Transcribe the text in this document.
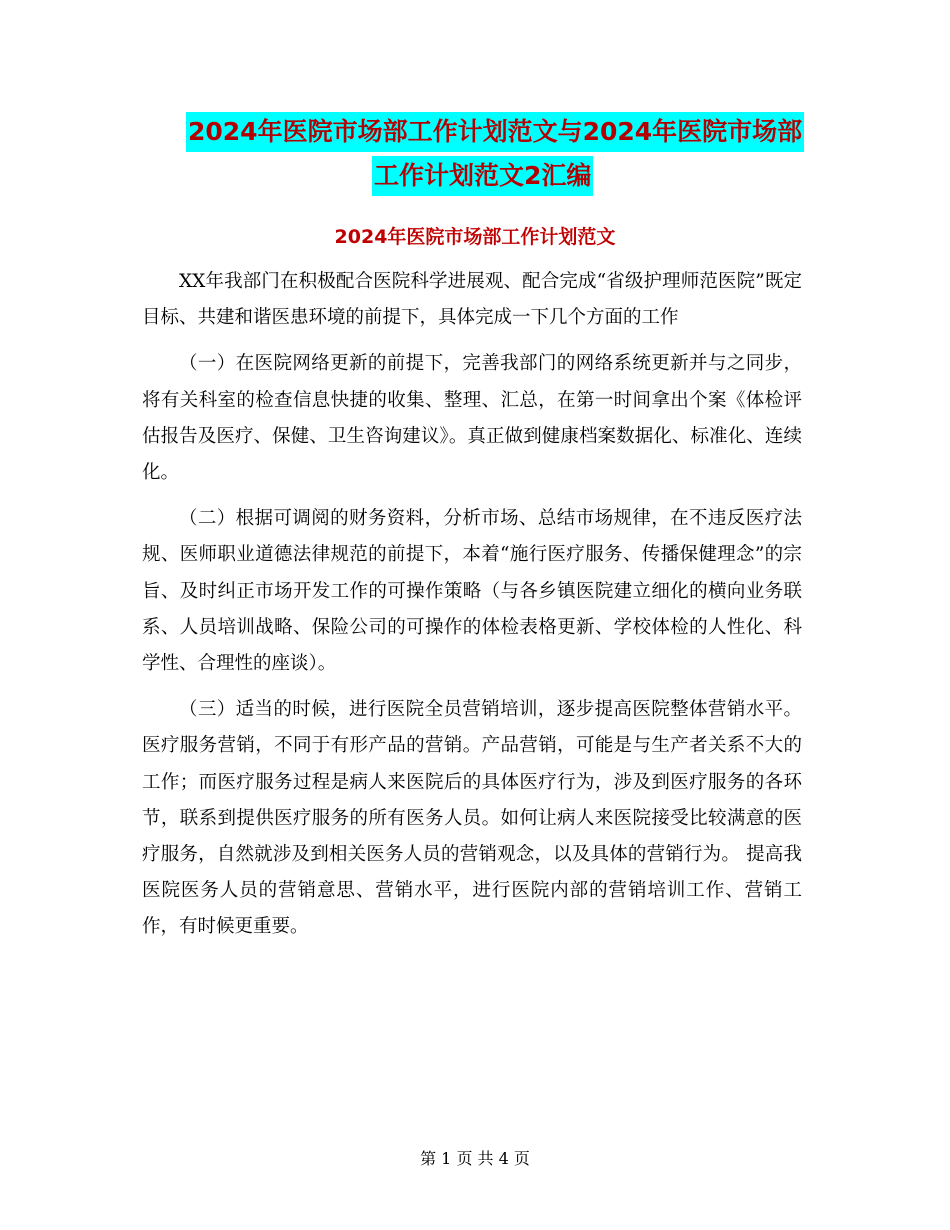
2024年医院市场部工作计划范文与2024年医院市场部
工作计划范文2汇编
2024年医院市场部工作计划范文

XX年我部门在积极配合医院科学进展观、配合完成“省级护理师范医院”既定目标、共建和谐医患环境的前提下，具体完成一下几个方面的工作

（一）在医院网络更新的前提下，完善我部门的网络系统更新并与之同步，将有关科室的检查信息快捷的收集、整理、汇总，在第一时间拿出个案《体检评估报告及医疗、保健、卫生咨询建议》。真正做到健康档案数据化、标准化、连续化。

（二）根据可调阅的财务资料，分析市场、总结市场规律，在不违反医疗法规、医师职业道德法律规范的前提下，本着“施行医疗服务、传播保健理念”的宗旨、及时纠正市场开发工作的可操作策略（与各乡镇医院建立细化的横向业务联系、人员培训战略、保险公司的可操作的体检表格更新、学校体检的人性化、科学性、合理性的座谈）。

（三）适当的时候，进行医院全员营销培训，逐步提高医院整体营销水平。医疗服务营销，不同于有形产品的营销。产品营销，可能是与生产者关系不大的工作；而医疗服务过程是病人来医院后的具体医疗行为，涉及到医疗服务的各环节，联系到提供医疗服务的所有医务人员。如何让病人来医院接受比较满意的医疗服务，自然就涉及到相关医务人员的营销观念，以及具体的营销行为。 提高我医院医务人员的营销意思、营销水平，进行医院内部的营销培训工作、营销工作，有时候更重要。

第 1 页 共 4 页
